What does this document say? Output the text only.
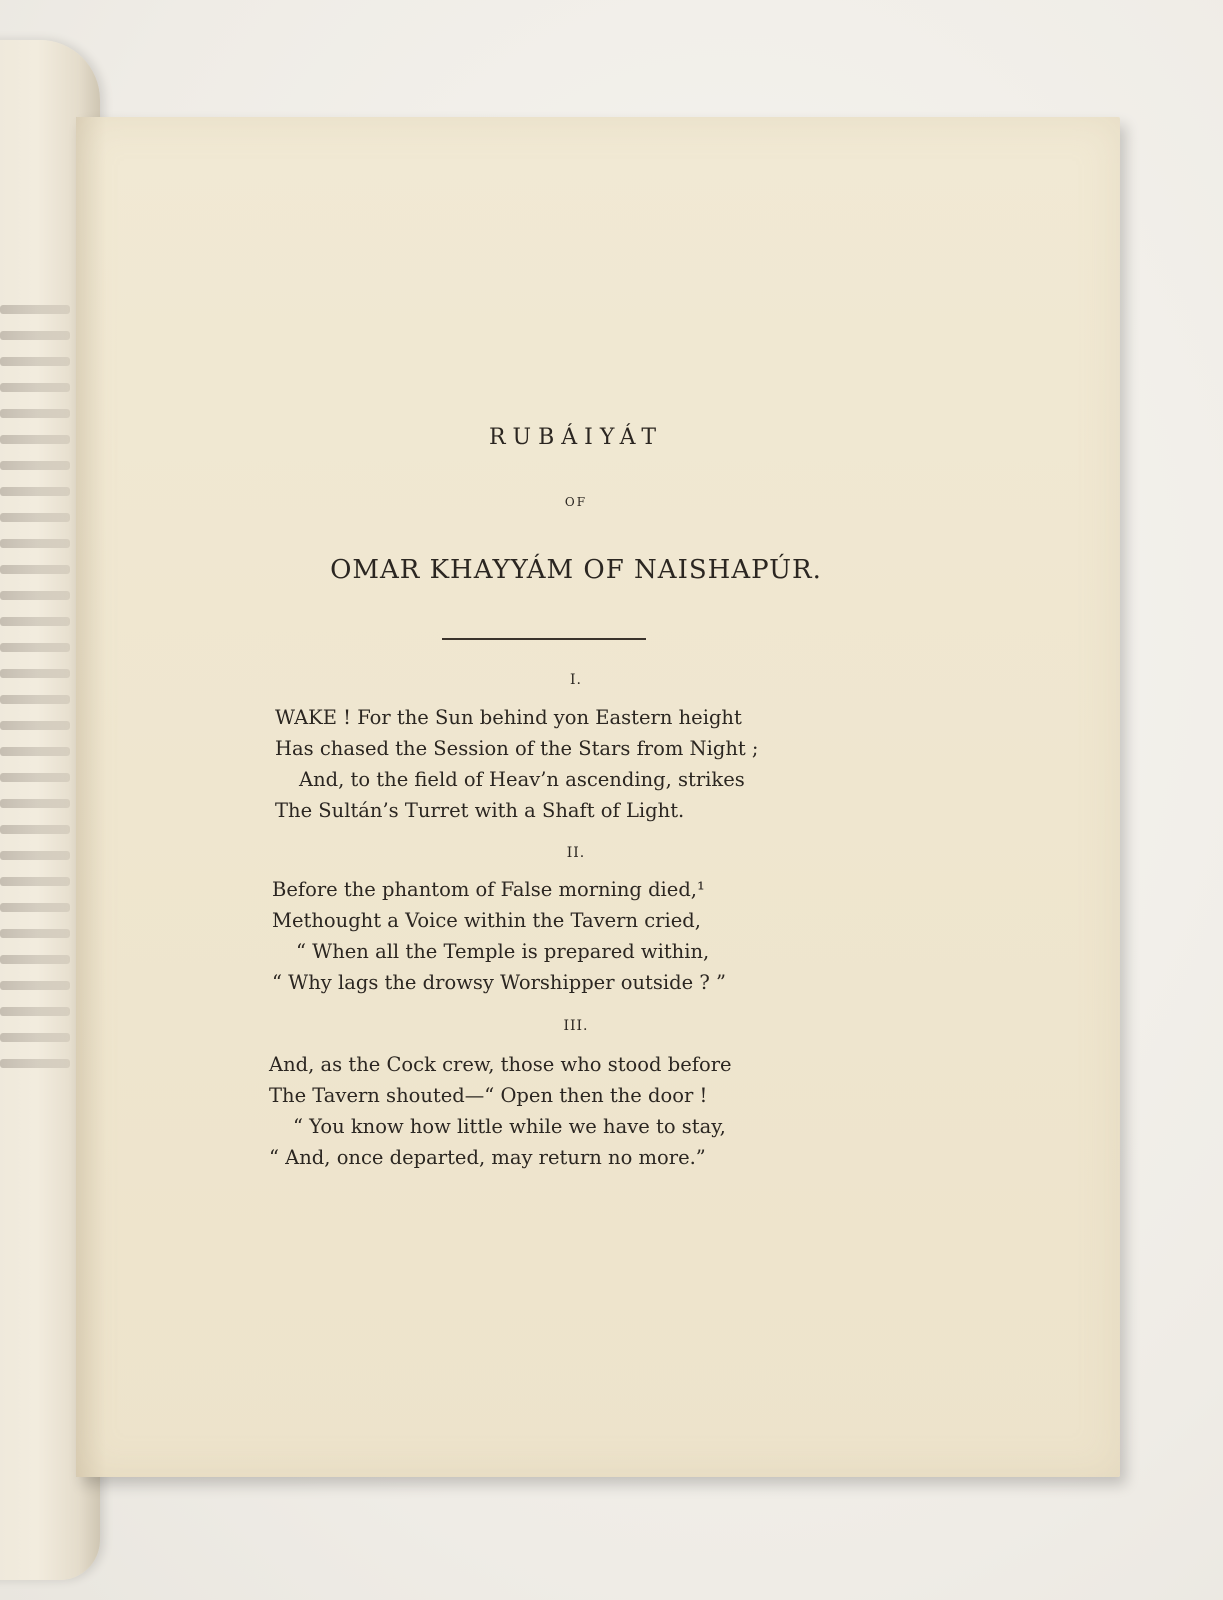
RUBÁIYÁT
OF
OMAR KHAYYÁM OF NAISHAPÚR.
I.
WAKE ! For the Sun behind yon Eastern height
Has chased the Session of the Stars from Night ;
And, to the field of Heav’n ascending, strikes
The Sultán’s Turret with a Shaft of Light.
II.
Before the phantom of False morning died,¹
Methought a Voice within the Tavern cried,
“ When all the Temple is prepared within,
“ Why lags the drowsy Worshipper outside ? ”
III.
And, as the Cock crew, those who stood before
The Tavern shouted—“ Open then the door !
“ You know how little while we have to stay,
“ And, once departed, may return no more.”
